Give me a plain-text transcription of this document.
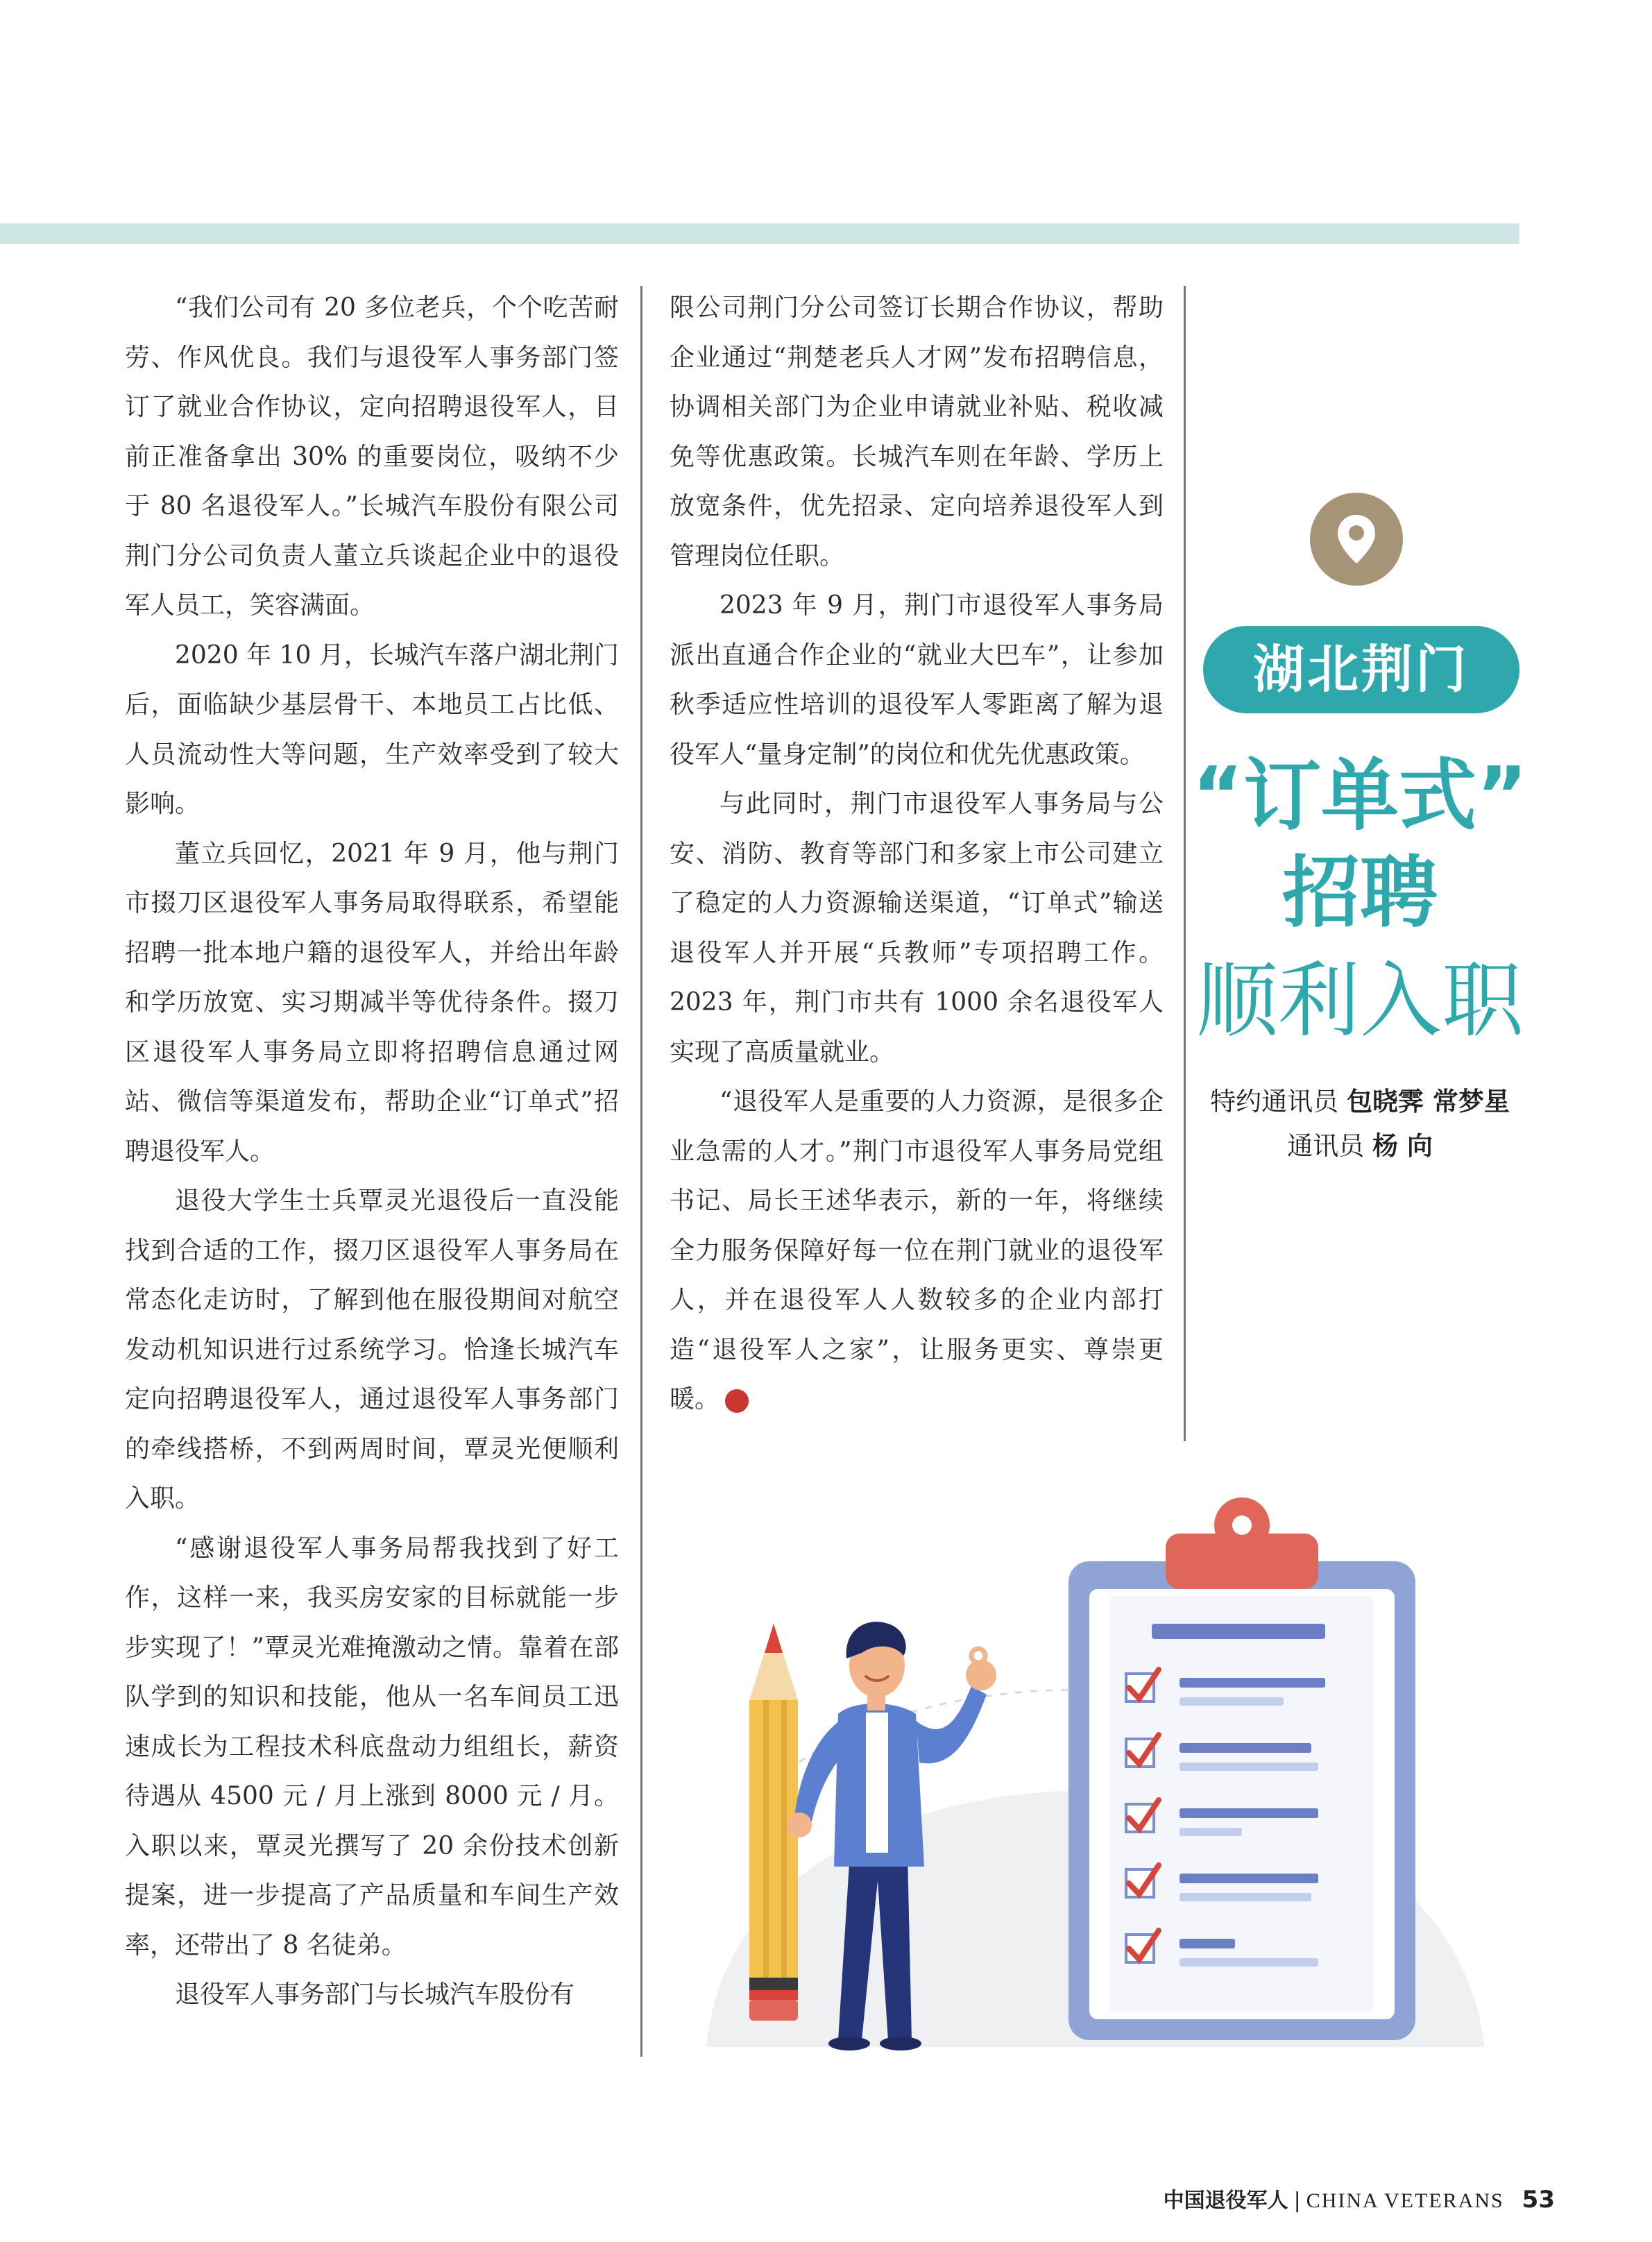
“我们公司有 20 多位老兵，个个吃苦耐劳、作风优良。我们与退役军人事务部门签订了就业合作协议，定向招聘退役军人，目前正准备拿出 30% 的重要岗位，吸纳不少于 80 名退役军人。”长城汽车股份有限公司荆门分公司负责人董立兵谈起企业中的退役军人员工，笑容满面。

2020 年 10 月，长城汽车落户湖北荆门后，面临缺少基层骨干、本地员工占比低、人员流动性大等问题，生产效率受到了较大影响。

董立兵回忆，2021 年 9 月，他与荆门市掇刀区退役军人事务局取得联系，希望能招聘一批本地户籍的退役军人，并给出年龄和学历放宽、实习期减半等优待条件。掇刀区退役军人事务局立即将招聘信息通过网站、微信等渠道发布，帮助企业“订单式”招聘退役军人。

退役大学生士兵覃灵光退役后一直没能找到合适的工作，掇刀区退役军人事务局在常态化走访时，了解到他在服役期间对航空发动机知识进行过系统学习。恰逢长城汽车定向招聘退役军人，通过退役军人事务部门的牵线搭桥，不到两周时间，覃灵光便顺利入职。

“感谢退役军人事务局帮我找到了好工作，这样一来，我买房安家的目标就能一步步实现了！”覃灵光难掩激动之情。靠着在部队学到的知识和技能，他从一名车间员工迅速成长为工程技术科底盘动力组组长，薪资待遇从 4500 元 / 月上涨到 8000 元 / 月。入职以来，覃灵光撰写了 20 余份技术创新提案，进一步提高了产品质量和车间生产效率，还带出了 8 名徒弟。

退役军人事务部门与长城汽车股份有

限公司荆门分公司签订长期合作协议，帮助企业通过“荆楚老兵人才网”发布招聘信息，协调相关部门为企业申请就业补贴、税收减免等优惠政策。长城汽车则在年龄、学历上放宽条件，优先招录、定向培养退役军人到管理岗位任职。

2023 年 9 月，荆门市退役军人事务局派出直通合作企业的“就业大巴车”，让参加秋季适应性培训的退役军人零距离了解为退役军人“量身定制”的岗位和优先优惠政策。

与此同时，荆门市退役军人事务局与公安、消防、教育等部门和多家上市公司建立了稳定的人力资源输送渠道，“订单式”输送退役军人并开展“兵教师”专项招聘工作。2023 年，荆门市共有 1000 余名退役军人实现了高质量就业。

“退役军人是重要的人力资源，是很多企业急需的人才。”荆门市退役军人事务局党组书记、局长王述华表示，新的一年，将继续全力服务保障好每一位在荆门就业的退役军人，并在退役军人人数较多的企业内部打造“退役军人之家”，让服务更实、尊崇更暖。	V

湖北荆门
“订单式”
招聘
顺利入职
特约通讯员 包晓霁 常梦星
通讯员 杨 向
中国退役军人 | CHINA VETERANS 53
